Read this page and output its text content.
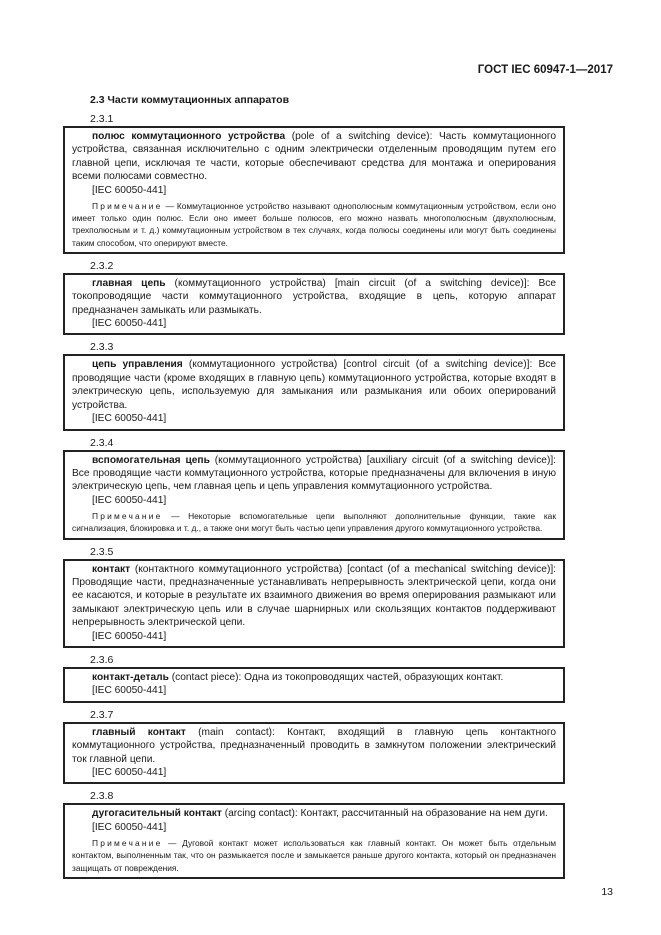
ГОСТ IEC 60947-1—2017
2.3 Части коммутационных аппаратов
2.3.1

полюс коммутационного устройства (pole of a switching device): Часть коммутационного устройства, связанная исключительно с одним электрически отделенным проводящим путем его главной цепи, исключая те части, которые обеспечивают средства для монтажа и оперирования всеми полюсами совместно.

[IEC 60050-441]

Примечание — Коммутационное устройство называют однополюсным коммутационным устройством, если оно имеет только один полюс. Если оно имеет больше полюсов, его можно назвать многополюсным (двухполюсным, трехполюсным и т. д.) коммутационным устройством в тех случаях, когда полюсы соединены или могут быть соединены таким способом, что оперируют вместе.

2.3.2

главная цепь (коммутационного устройства) [main circuit (of a switching device)]: Все токопроводящие части коммутационного устройства, входящие в цепь, которую аппарат предназначен замыкать или размыкать.

[IEC 60050-441]

2.3.3

цепь управления (коммутационного устройства) [control circuit (of a switching device)]: Все проводящие части (кроме входящих в главную цепь) коммутационного устройства, которые входят в электрическую цепь, используемую для замыкания или размыкания или обоих оперирований устройства.

[IEC 60050-441]

2.3.4

вспомогательная цепь (коммутационного устройства) [auxiliary circuit (of a switching device)]: Все проводящие части коммутационного устройства, которые предназначены для включения в иную электрическую цепь, чем главная цепь и цепь управления коммутационного устройства.

[IEC 60050-441]

Примечание — Некоторые вспомогательные цепи выполняют дополнительные функции, такие как сигнализация, блокировка и т. д., а также они могут быть частью цепи управления другого коммутационного устройства.

2.3.5

контакт (контактного коммутационного устройства) [contact (of a mechanical switching device)]: Проводящие части, предназначенные устанавливать непрерывность электрической цепи, когда они ее касаются, и которые в результате их взаимного движения во время оперирования размыкают или замыкают электрическую цепь или в случае шарнирных или скользящих контактов поддерживают непрерывность электрической цепи.

[IEC 60050-441]

2.3.6

контакт-деталь (contact piece): Одна из токопроводящих частей, образующих контакт.

[IEC 60050-441]

2.3.7

главный контакт (main contact): Контакт, входящий в главную цепь контактного коммутационного устройства, предназначенный проводить в замкнутом положении электрический ток главной цепи.

[IEC 60050-441]

2.3.8

дугогасительный контакт (arcing contact): Контакт, рассчитанный на образование на нем дуги.

[IEC 60050-441]

Примечание — Дуговой контакт может использоваться как главный контакт. Он может быть отдельным контактом, выполненным так, что он размыкается после и замыкается раньше другого контакта, который он предназначен защищать от повреждения.

13
